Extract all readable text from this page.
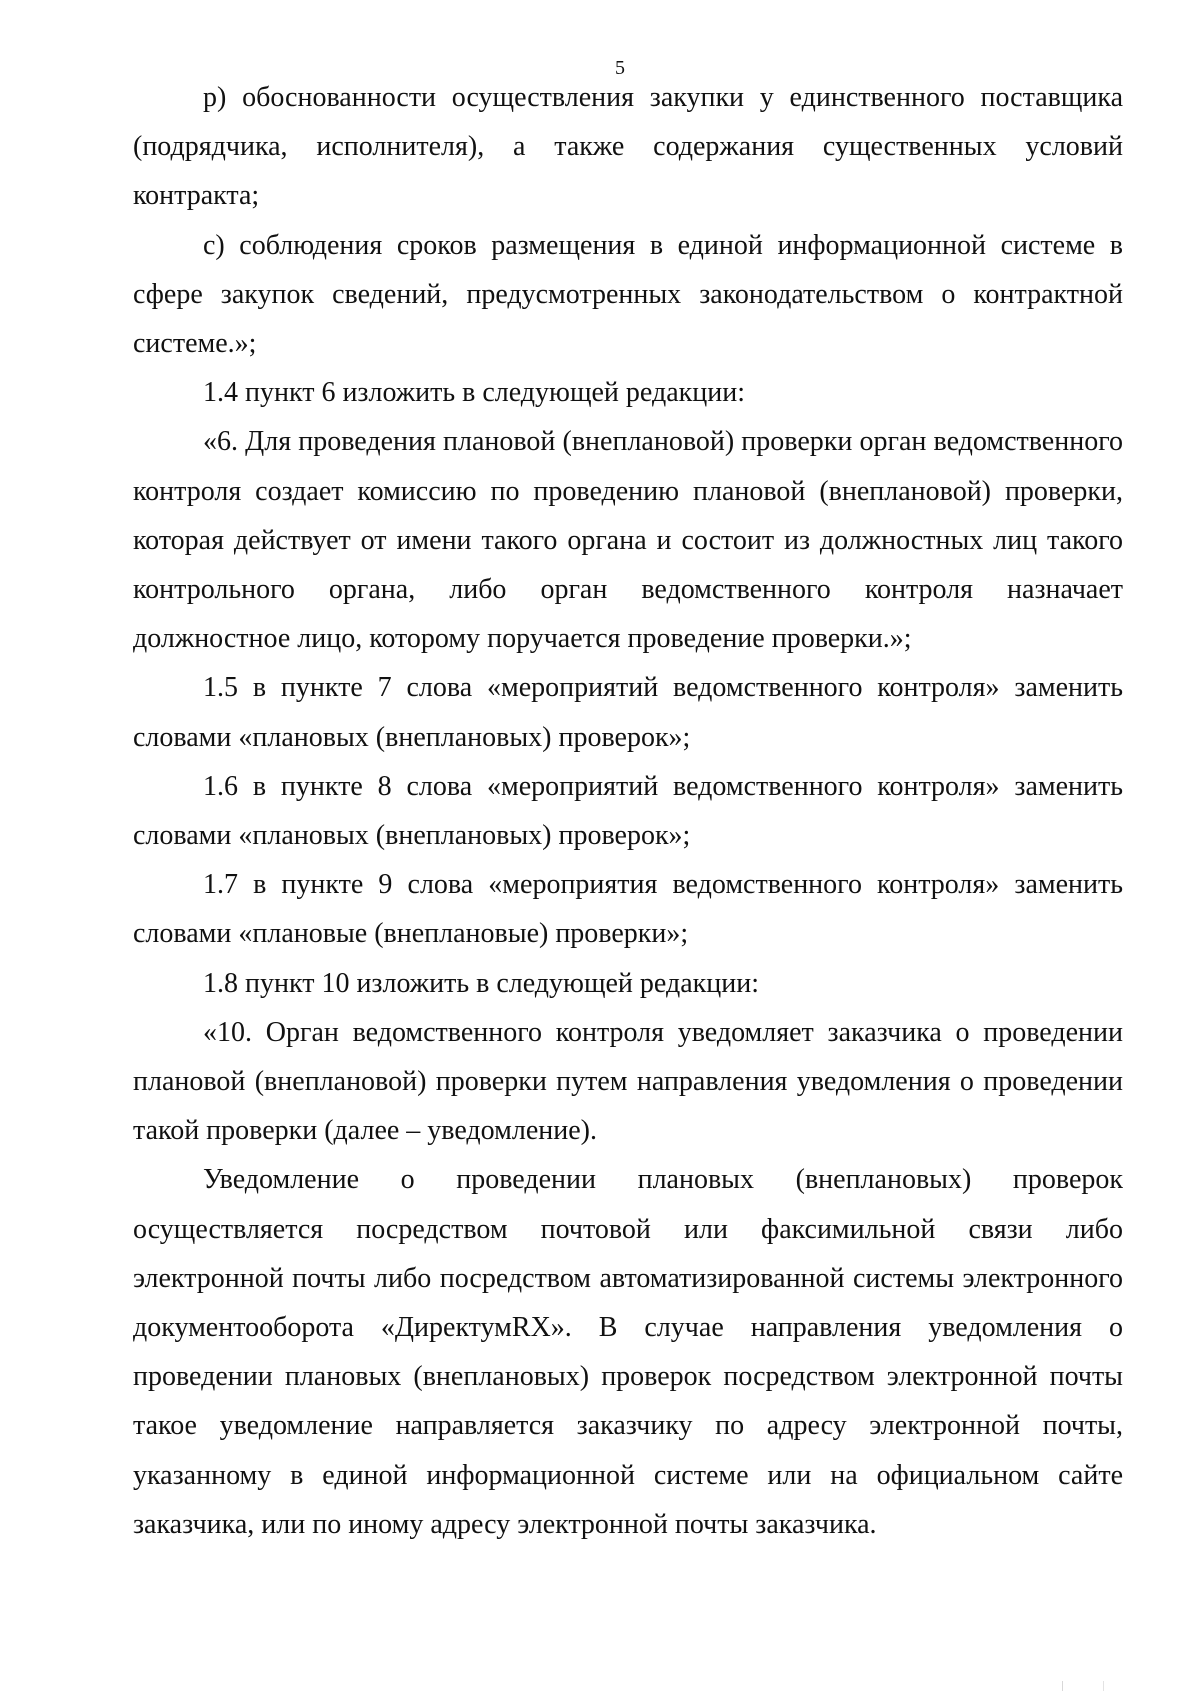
5

р) обоснованности осуществления закупки у единственного поставщика (подрядчика, исполнителя), а также содержания существенных условий контракта;

с) соблюдения сроков размещения в единой информационной системе в сфере закупок сведений, предусмотренных законодательством о контрактной системе.»;

1.4 пункт 6 изложить в следующей редакции:

«6. Для проведения плановой (внеплановой) проверки орган ведомственного контроля создает комиссию по проведению плановой (внеплановой) проверки, которая действует от имени такого органа и состоит из должностных лиц такого контрольного органа, либо орган ведомственного контроля назначает должностное лицо, которому поручается проведение проверки.»;

1.5 в пункте 7 слова «мероприятий ведомственного контроля» заменить словами «плановых (внеплановых) проверок»;

1.6 в пункте 8 слова «мероприятий ведомственного контроля» заменить словами «плановых (внеплановых) проверок»;

1.7 в пункте 9 слова «мероприятия ведомственного контроля» заменить словами «плановые (внеплановые) проверки»;

1.8 пункт 10 изложить в следующей редакции:

«10. Орган ведомственного контроля уведомляет заказчика о проведении плановой (внеплановой) проверки путем направления уведомления о проведении такой проверки (далее – уведомление).

Уведомление о проведении плановых (внеплановых) проверок осуществляется посредством почтовой или факсимильной связи либо электронной почты либо посредством автоматизированной системы электронного документооборота «ДиректумRX». В случае направления уведомления о проведении плановых (внеплановых) проверок посредством электронной почты такое уведомление направляется заказчику по адресу электронной почты, указанному в единой информационной системе или на официальном сайте заказчика, или по иному адресу электронной почты заказчика.
